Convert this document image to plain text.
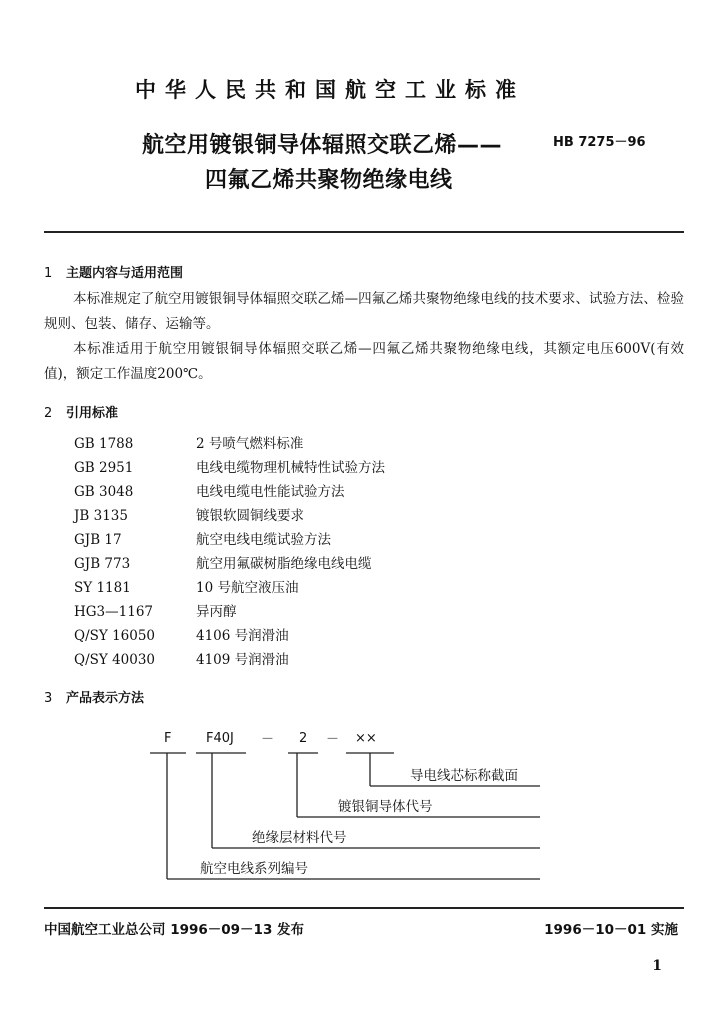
中华人民共和国航空工业标准
航空用镀银铜导体辐照交联乙烯——
四氟乙烯共聚物绝缘电线
HB 7275－96
1 主题内容与适用范围
本标准规定了航空用镀银铜导体辐照交联乙烯—四氟乙烯共聚物绝缘电线的技术要求、试验方法、检验规则、包装、储存、运输等。
本标准适用于航空用镀银铜导体辐照交联乙烯—四氟乙烯共聚物绝缘电线，其额定电压600V(有效值)，额定工作温度200℃。
2 引用标准
GB 1788	2 号喷气燃料标准
GB 2951	电线电缆物理机械特性试验方法
GB 3048	电线电缆电性能试验方法
JB 3135	镀银软圆铜线要求
GJB 17	航空电线电缆试验方法
GJB 773	航空用氟碳树脂绝缘电线电缆
SY 1181	10 号航空液压油
HG3—1167	异丙醇
Q/SY 16050	4106 号润滑油
Q/SY 40030	4109 号润滑油
3 产品表示方法
F	F40J － 2 － ××
导电线芯标称截面
镀银铜导体代号
绝缘层材料代号
航空电线系列编号
中国航空工业总公司 1996－09－13 发布	1996－10－01 实施
1
